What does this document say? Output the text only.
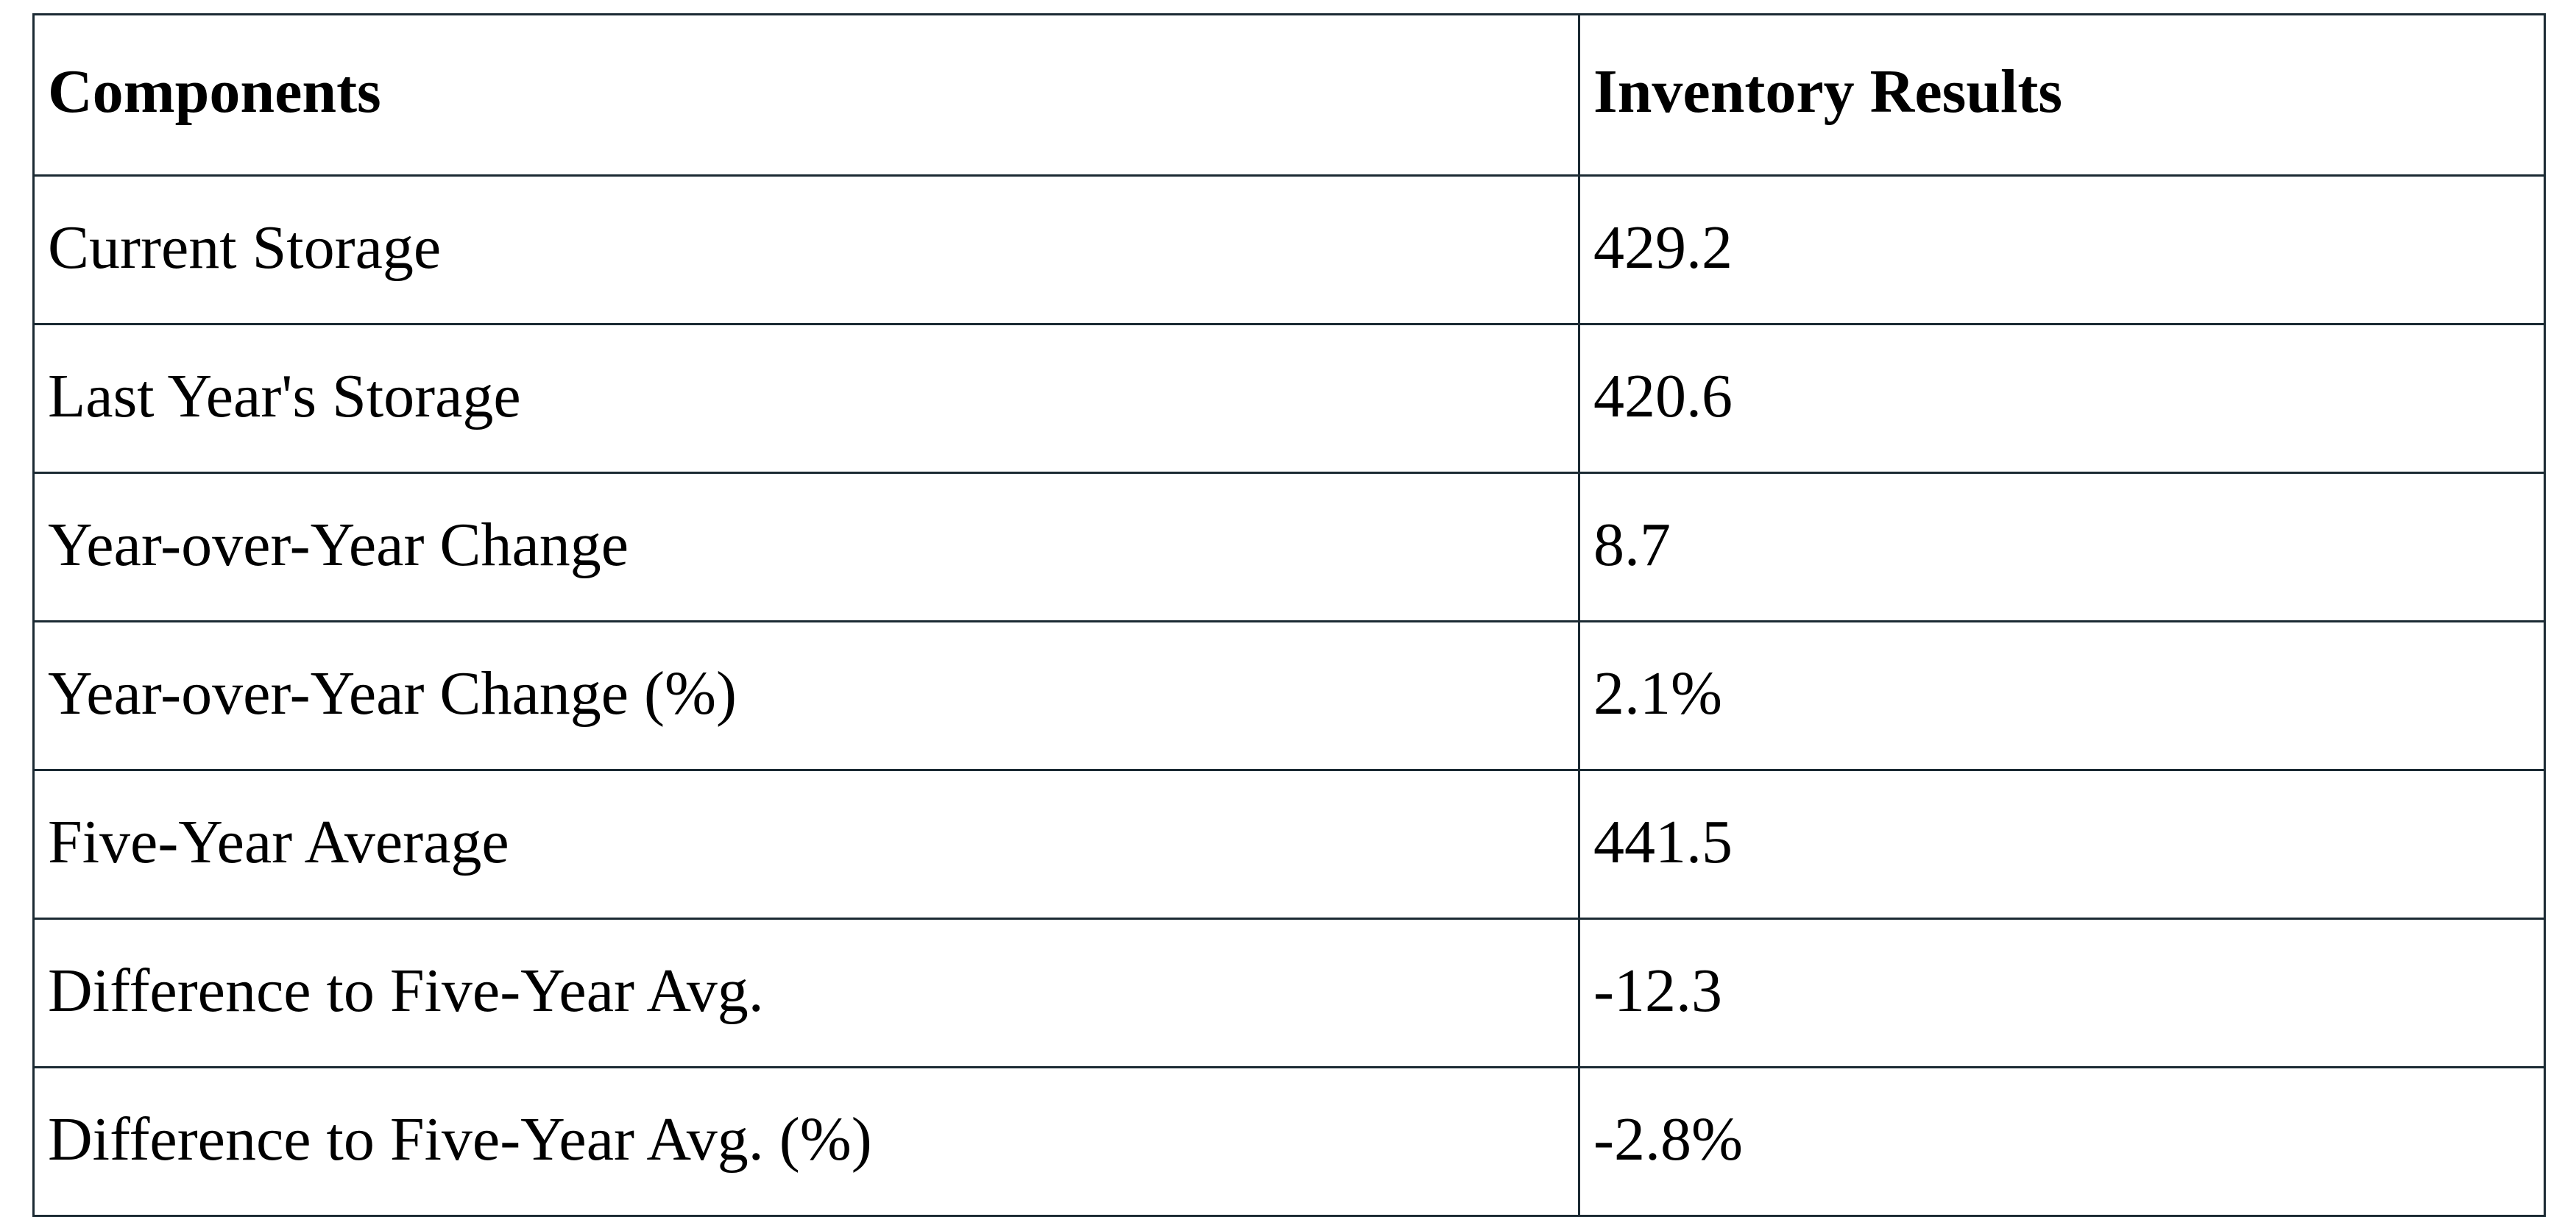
Components	Inventory Results
Current Storage	429.2
Last Year's Storage	420.6
Year-over-Year Change	8.7
Year-over-Year Change (%)	2.1%
Five-Year Average	441.5
Difference to Five-Year Avg.	-12.3
Difference to Five-Year Avg. (%)	-2.8%
